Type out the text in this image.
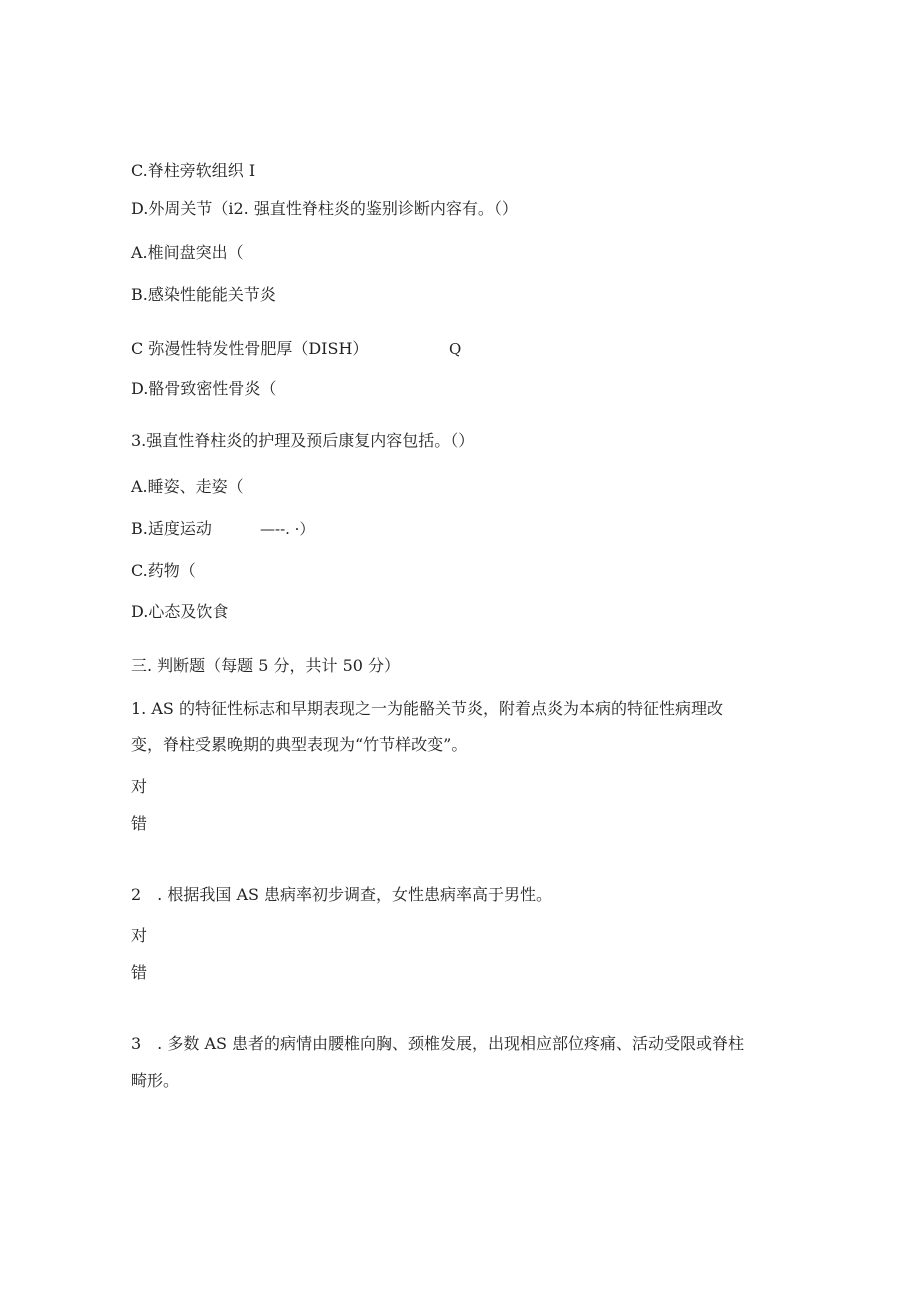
C.脊柱旁软组织 I
D.外周关节（i2. 强直性脊柱炎的鉴别诊断内容有。（）
A.椎间盘突出（
B.感染性能能关节炎
C 弥漫性特发性骨肥厚（DISH）	Q
D.骼骨致密性骨炎（
3.强直性脊柱炎的护理及预后康复内容包括。（）
A.睡姿、走姿（
B.适度运动	—--. ·）
C.药物（
D.心态及饮食
三. 判断题（每题 5 分，共计 50 分）
1. AS 的特征性标志和早期表现之一为能骼关节炎，附着点炎为本病的特征性病理改
变，脊柱受累晚期的典型表现为“竹节样改变”。
对
错
2　. 根据我国 AS 患病率初步调查，女性患病率高于男性。
对
错
3　. 多数 AS 患者的病情由腰椎向胸、颈椎发展，出现相应部位疼痛、活动受限或脊柱
畸形。
